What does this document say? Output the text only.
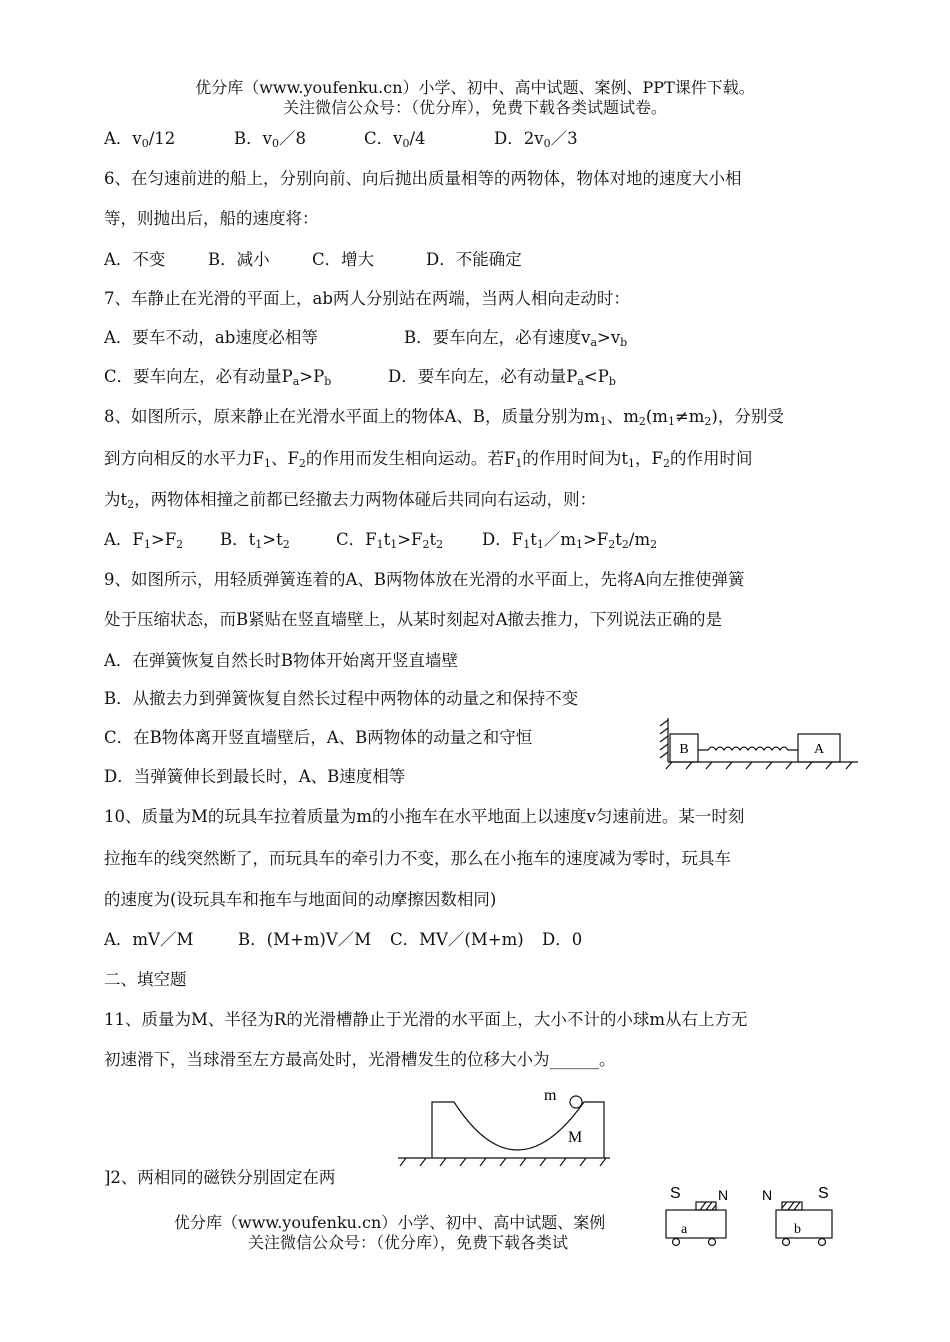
优分库（www.youfenku.cn）小学、初中、高中试题、案例、PPT课件下载。
关注微信公众号：（优分库），免费下载各类试题试卷。
A．$v_0/12$	B．$v_0/8$	C．$v_0/4$	D．$2v_0/3$
6、在匀速前进的船上，分别向前、向后抛出质量相等的两物体，物体对地的速度大小相
等，则抛出后，船的速度将：
A．不变	B．减小	C．增大	D．不能确定
7、车静止在光滑的平面上，ab两人分别站在两端，当两人相向走动时：
A．要车不动，ab速度必相等	B．要车向左，必有速度$v_a>v_b$
C．要车向左，必有动量$P_a>P_b$	D．要车向左，必有动量$P_a<P_b$
8、如图所示，原来静止在光滑水平面上的物体A、B，质量分别为$m_1$、$m_2(m_1\ne m_2)$，分别受
到方向相反的水平力$F_1$、$F_2$的作用而发生相向运动。若$F_1$的作用时间为$t_1$，$F_2$的作用时间
为$t_2$，两物体相撞之前都已经撤去力两物体碰后共同向右运动，则：
A．$F_1>F_2$ B．$t_1>t_2$	C．$F_1t_1>F_2t_2$ D．$F_1t_1/m_1>F_2t_2/m_2$
9、如图所示，用轻质弹簧连着的A、B两物体放在光滑的水平面上，先将A向左推使弹簧
处于压缩状态，而B紧贴在竖直墙壁上，从某时刻起对A撤去推力，下列说法正确的是
A．在弹簧恢复自然长时B物体开始离开竖直墙壁
B．从撤去力到弹簧恢复自然长过程中两物体的动量之和保持不变
C．在B物体离开竖直墙壁后，A、B两物体的动量之和守恒
D．当弹簧伸长到最长时，A、B速度相等
B	A
10、质量为M的玩具车拉着质量为m的小拖车在水平地面上以速度v匀速前进。某一时刻
拉拖车的线突然断了，而玩具车的牵引力不变，那么在小拖车的速度减为零时，玩具车
的速度为(设玩具车和拖车与地面间的动摩擦因数相同)
A．mV／M	B．(M+m)V／M C．MV／(M+m) D．0
二、填空题
11、质量为M、半径为R的光滑槽静止于光滑的水平面上，大小不计的小球m从右上方无
初速滑下，当球滑至左方最高处时，光滑槽发生的位移大小为______。
m
M
]2、两相同的磁铁分别固定在两
S	N N	S
a	b
优分库（www.youfenku.cn）小学、初中、高中试题、案例
关注微信公众号：（优分库），免费下载各类试
